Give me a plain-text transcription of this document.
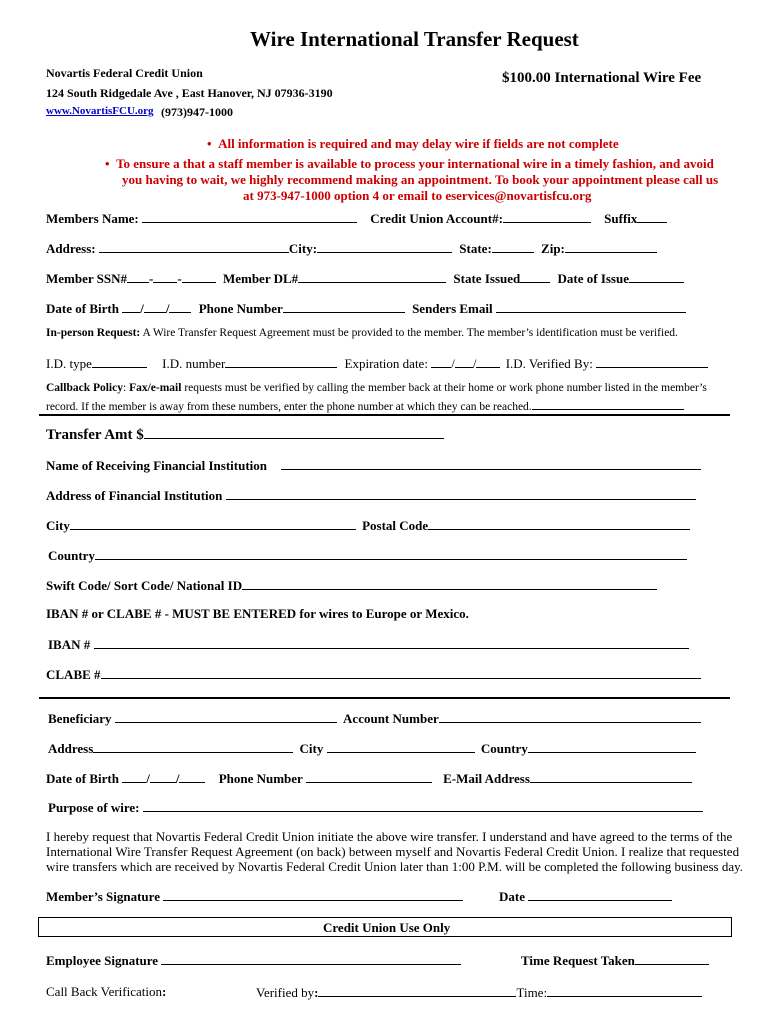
Wire International Transfer Request
Novartis Federal Credit Union	$100.00 International Wire Fee
124 South Ridgedale Ave , East Hanover, NJ 07936-3190
www.NovartisFCU.org (973)947-1000
•  All information is required and may delay wire if fields are not complete
•  To ensure a that a staff member is available to process your international wire in a timely fashion, and avoid
you having to wait, we highly recommend making an appointment. To book your appointment please call us
at 973-947-1000 option 4 or email to eservices@novartisfcu.org
Members Name:	Credit Union Account#:	Suffix
Address:	City:	State:	Zip:
Member SSN# - -	Member DL#	State Issued	Date of Issue
Date of Birth / / Phone Number	Senders Email
In-person Request: A Wire Transfer Request Agreement must be provided to the member. The member’s identification must be verified.
I.D. type	I.D. number	Expiration date: / / I.D. Verified By:
Callback Policy: Fax/e-mail requests must be verified by calling the member back at their home or work phone number listed in the member’s
record. If the member is away from these numbers, enter the phone number at which they can be reached.
Transfer Amt $
Name of Receiving Financial Institution
Address of Financial Institution
City	Postal Code
Country
Swift Code/ Sort Code/ National ID
IBAN # or CLABE # - MUST BE ENTERED for wires to Europe or Mexico.
IBAN #
CLABE #
Beneficiary	Account Number
Address	City	Country
Date of Birth / /	Phone Number	E-Mail Address
Purpose of wire:
I hereby request that Novartis Federal Credit Union initiate the above wire transfer. I understand and have agreed to the terms of the
International Wire Transfer Request Agreement (on back) between myself and Novartis Federal Credit Union. I realize that requested
wire transfers which are received by Novartis Federal Credit Union later than 1:00 P.M. will be completed the following business day.
Member’s Signature	Date
Credit Union Use Only
Employee Signature	Time Request Taken
Call Back Verification:	Verified by:	Time:
